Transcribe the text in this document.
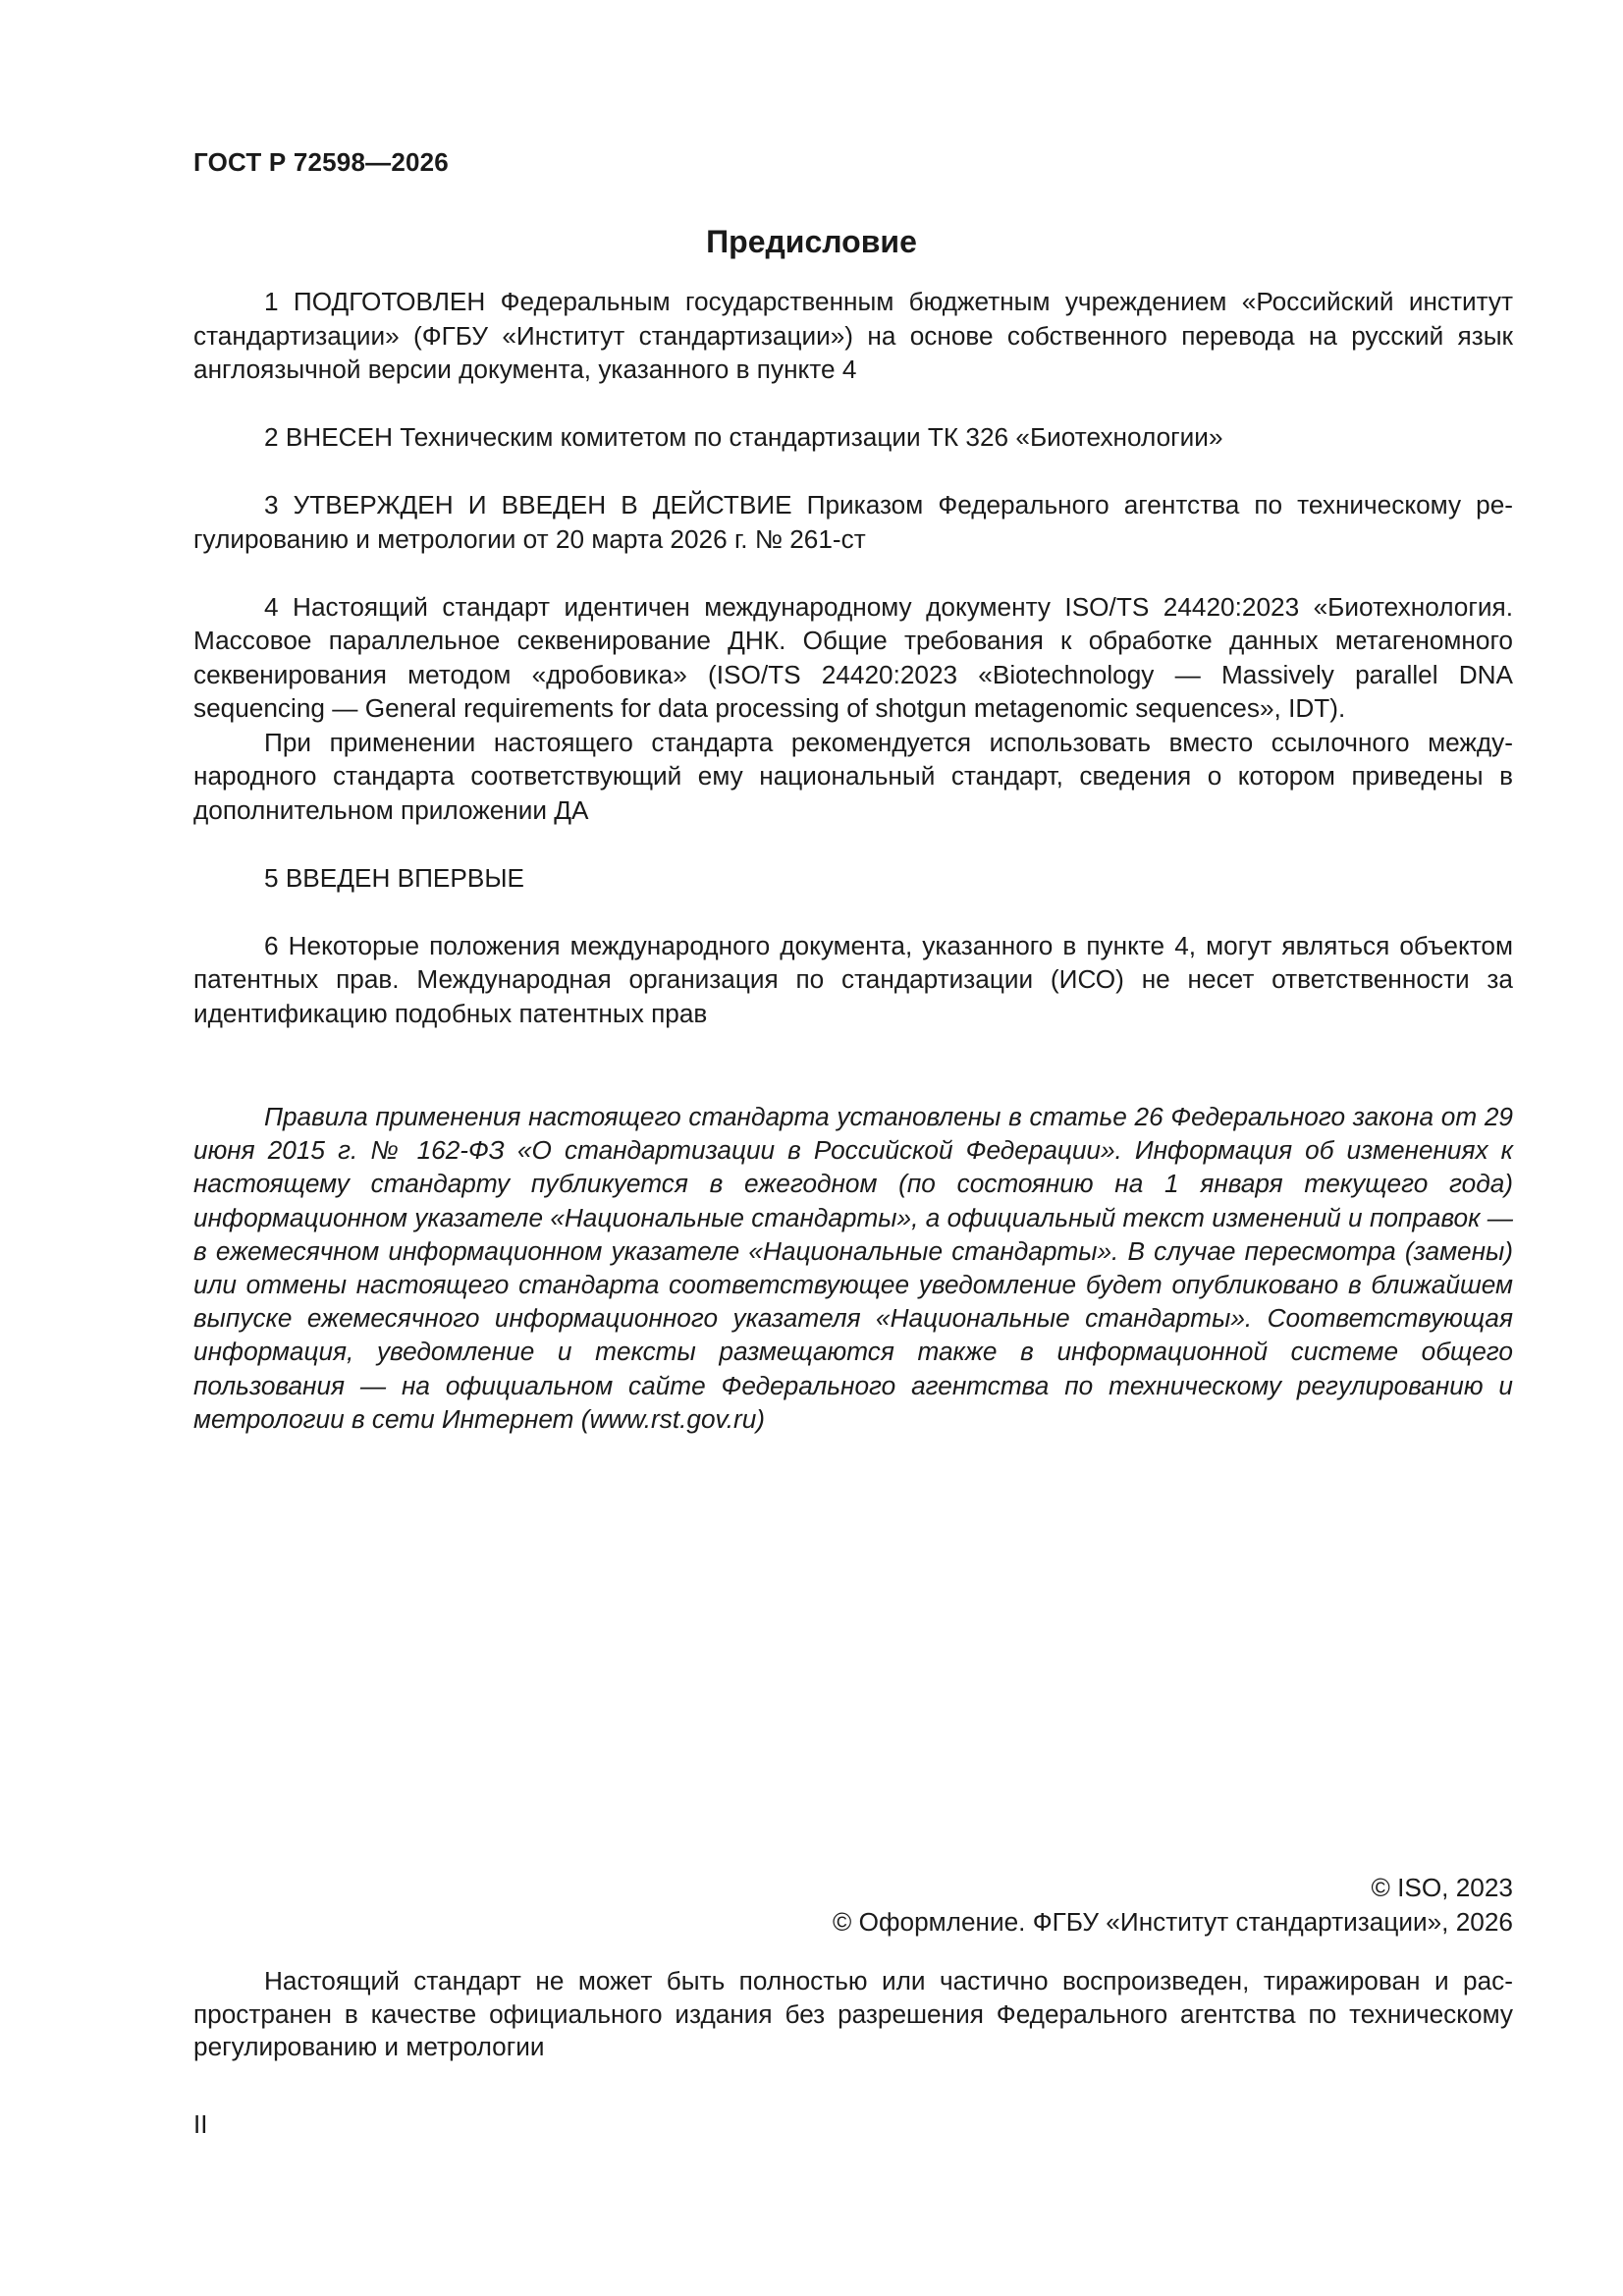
ГОСТ Р 72598—2026
Предисловие

1 ПОДГОТОВЛЕН Федеральным государственным бюджетным учреждением «Российский институт стандартизации» (ФГБУ «Институт стандартизации») на основе собственного перевода на русский язык англоязычной версии документа, указанного в пункте 4

2 ВНЕСЕН Техническим комитетом по стандартизации ТК 326 «Биотехнологии»

3 УТВЕРЖДЕН И ВВЕДЕН В ДЕЙСТВИЕ Приказом Федерального агентства по техническому регулированию и метрологии от 20 марта 2026 г. № 261-ст

4 Настоящий стандарт идентичен международному документу ISO/TS 24420:2023 «Биотехнология. Массовое параллельное секвенирование ДНК. Общие требования к обработке данных метагеномного секвенирования методом «дробовика» (ISO/TS 24420:2023 «Biotechnology — Massively parallel DNA sequencing — General requirements for data processing of shotgun metagenomic sequences», IDT).

При применении настоящего стандарта рекомендуется использовать вместо ссылочного международного стандарта соответствующий ему национальный стандарт, сведения о котором приведены в дополнительном приложении ДА

5 ВВЕДЕН ВПЕРВЫЕ

6 Некоторые положения международного документа, указанного в пункте 4, могут являться объектом патентных прав. Международная организация по стандартизации (ИСО) не несет ответственности за идентификацию подобных патентных прав

Правила применения настоящего стандарта установлены в статье 26 Федерального закона от 29 июня 2015 г. № 162-ФЗ «О стандартизации в Российской Федерации». Информация об изменениях к настоящему стандарту публикуется в ежегодном (по состоянию на 1 января текущего года) информационном указателе «Национальные стандарты», а официальный текст изменений и поправок — в ежемесячном информационном указателе «Национальные стандарты». В случае пересмотра (замены) или отмены настоящего стандарта соответствующее уведомление будет опубликовано в ближайшем выпуске ежемесячного информационного указателя «Национальные стандарты». Соответствующая информация, уведомление и тексты размещаются также в информационной системе общего пользования — на официальном сайте Федерального агентства по техническому регулированию и метрологии в сети Интернет (www.rst.gov.ru)

© ISO, 2023
© Оформление. ФГБУ «Институт стандартизации», 2026

Настоящий стандарт не может быть полностью или частично воспроизведен, тиражирован и распространен в качестве официального издания без разрешения Федерального агентства по техническому регулированию и метрологии

II
